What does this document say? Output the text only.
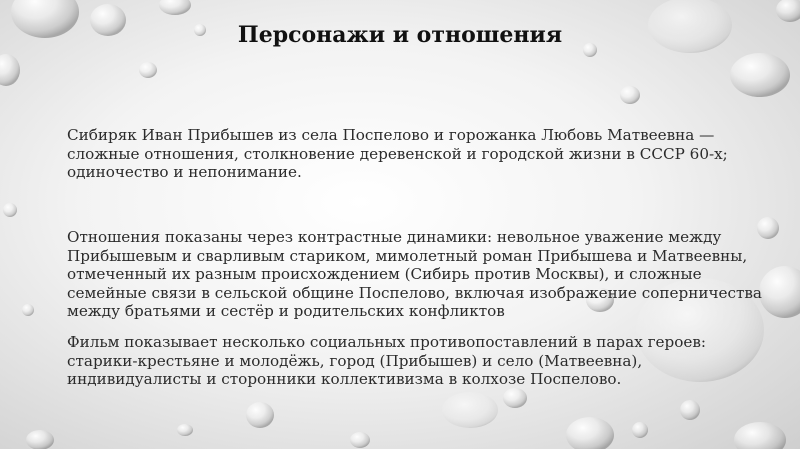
Персонажи и отношения

Сибиряк Иван Прибышев из села Поспелово и горожанка Любовь Матвеевна — сложные отношения, столкновение деревенской и городской жизни в СССР 60-х; одиночество и непонимание.

Отношения показаны через контрастные динамики: невольное уважение между Прибышевым и сварливым стариком, мимолетный роман Прибышева и Матвеевны, отмеченный их разным происхождением (Сибирь против Москвы), и сложные семейные связи в сельской общине Поспелово, включая изображение соперничества между братьями и сестёр и родительских конфликтов

Фильм показывает несколько социальных противопоставлений в парах героев: старики-крестьяне и молодёжь, город (Прибышев) и село (Матвеевна), индивидуалисты и сторонники коллективизма в колхозе Поспелово.
